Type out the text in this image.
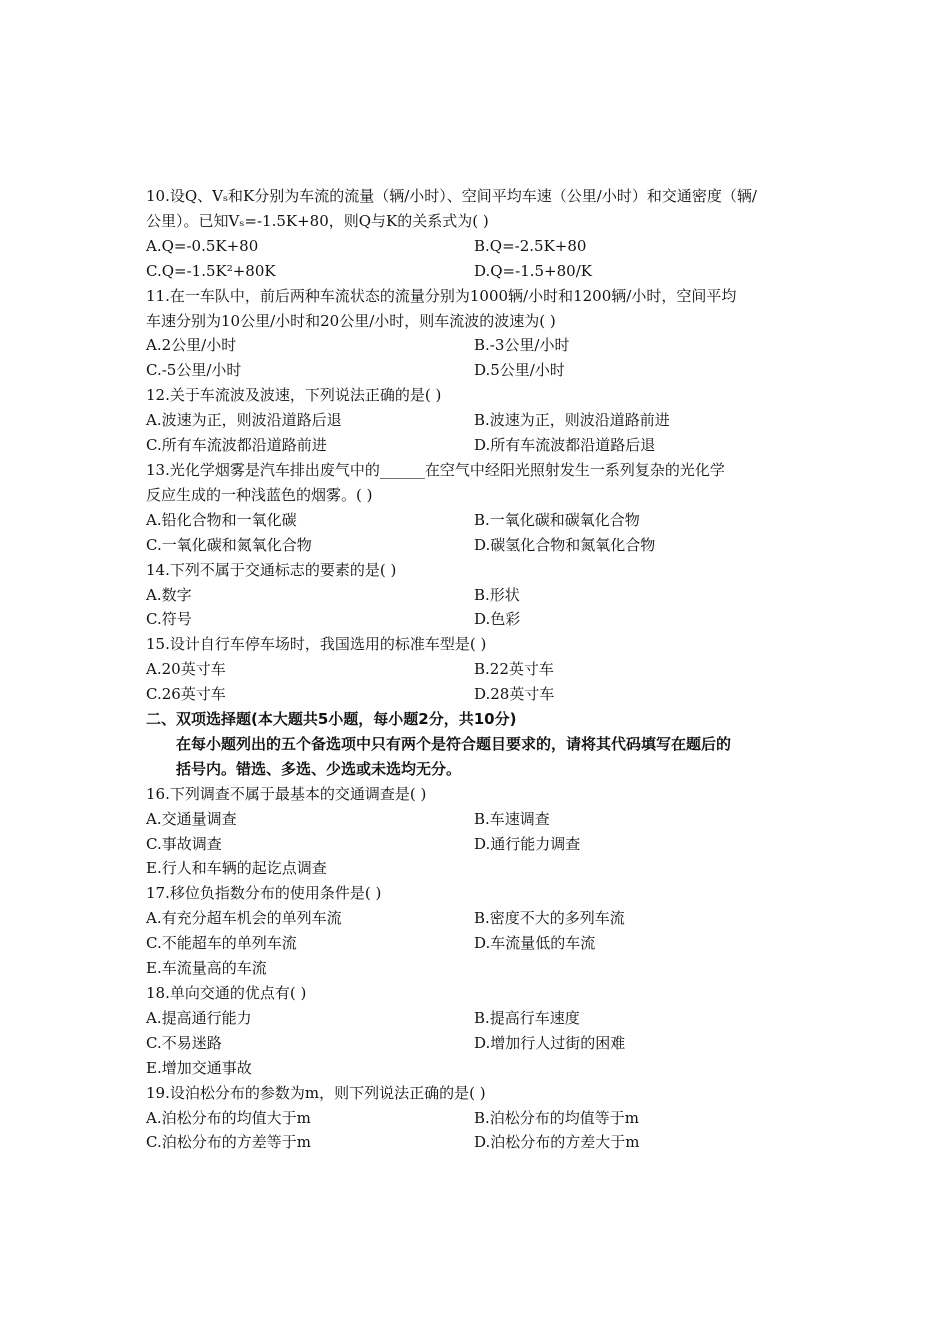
10.设Q、Vₛ和K分别为车流的流量（辆/小时）、空间平均车速（公里/小时）和交通密度（辆/
公里）。已知Vₛ=-1.5K+80，则Q与K的关系式为( )
A.Q=-0.5K+80	B.Q=-2.5K+80
C.Q=-1.5K²+80K	D.Q=-1.5+80/K
11.在一车队中，前后两种车流状态的流量分别为1000辆/小时和1200辆/小时，空间平均
车速分别为10公里/小时和20公里/小时，则车流波的波速为( )
A.2公里/小时	B.-3公里/小时
C.-5公里/小时	D.5公里/小时
12.关于车流波及波速，下列说法正确的是( )
A.波速为正，则波沿道路后退	B.波速为正，则波沿道路前进
C.所有车流波都沿道路前进	D.所有车流波都沿道路后退
13.光化学烟雾是汽车排出废气中的______在空气中经阳光照射发生一系列复杂的光化学
反应生成的一种浅蓝色的烟雾。( )
A.铅化合物和一氧化碳	B.一氧化碳和碳氧化合物
C.一氧化碳和氮氧化合物	D.碳氢化合物和氮氧化合物
14.下列不属于交通标志的要素的是( )
A.数字	B.形状
C.符号	D.色彩
15.设计自行车停车场时，我国选用的标准车型是( )
A.20英寸车	B.22英寸车
C.26英寸车	D.28英寸车
二、双项选择题(本大题共5小题，每小题2分，共10分)
在每小题列出的五个备选项中只有两个是符合题目要求的，请将其代码填写在题后的
括号内。错选、多选、少选或未选均无分。
16.下列调查不属于最基本的交通调查是( )
A.交通量调查	B.车速调查
C.事故调查	D.通行能力调查
E.行人和车辆的起讫点调查
17.移位负指数分布的使用条件是( )
A.有充分超车机会的单列车流	B.密度不大的多列车流
C.不能超车的单列车流	D.车流量低的车流
E.车流量高的车流
18.单向交通的优点有( )
A.提高通行能力	B.提高行车速度
C.不易迷路	D.增加行人过街的困难
E.增加交通事故
19.设泊松分布的参数为m，则下列说法正确的是( )
A.泊松分布的均值大于m	B.泊松分布的均值等于m
C.泊松分布的方差等于m	D.泊松分布的方差大于m
